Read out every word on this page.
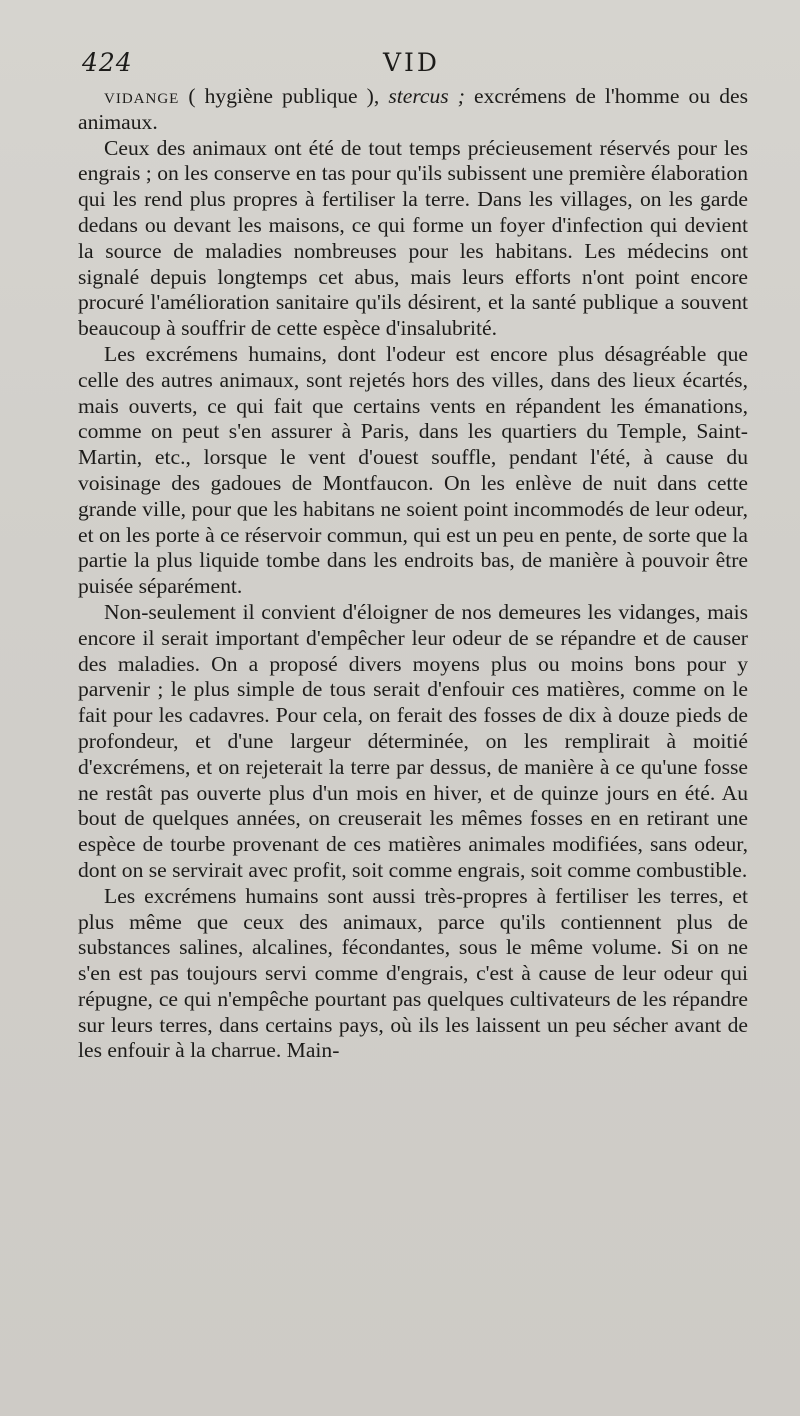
424	VID

vidange ( hygiène publique ), stercus ; excrémens de l'homme ou des animaux.

Ceux des animaux ont été de tout temps précieusement réservés pour les engrais ; on les conserve en tas pour qu'ils subissent une première élaboration qui les rend plus propres à fertiliser la terre. Dans les villages, on les garde dedans ou devant les maisons, ce qui forme un foyer d'infection qui devient la source de maladies nombreuses pour les habitans. Les médecins ont signalé depuis longtemps cet abus, mais leurs efforts n'ont point encore procuré l'amélioration sanitaire qu'ils désirent, et la santé publique a souvent beaucoup à souffrir de cette espèce d'insalubrité.

Les excrémens humains, dont l'odeur est encore plus désagréable que celle des autres animaux, sont rejetés hors des villes, dans des lieux écartés, mais ouverts, ce qui fait que certains vents en répandent les émanations, comme on peut s'en assurer à Paris, dans les quartiers du Temple, Saint-Martin, etc., lorsque le vent d'ouest souffle, pendant l'été, à cause du voisinage des gadoues de Montfaucon. On les enlève de nuit dans cette grande ville, pour que les habitans ne soient point incommodés de leur odeur, et on les porte à ce réservoir commun, qui est un peu en pente, de sorte que la partie la plus liquide tombe dans les endroits bas, de manière à pouvoir être puisée séparément.

Non-seulement il convient d'éloigner de nos demeures les vidanges, mais encore il serait important d'empêcher leur odeur de se répandre et de causer des maladies. On a proposé divers moyens plus ou moins bons pour y parvenir ; le plus simple de tous serait d'enfouir ces matières, comme on le fait pour les cadavres. Pour cela, on ferait des fosses de dix à douze pieds de profondeur, et d'une largeur déterminée, on les remplirait à moitié d'excrémens, et on rejeterait la terre par dessus, de manière à ce qu'une fosse ne restât pas ouverte plus d'un mois en hiver, et de quinze jours en été. Au bout de quelques années, on creuserait les mêmes fosses en en retirant une espèce de tourbe provenant de ces matières animales modifiées, sans odeur, dont on se servirait avec profit, soit comme engrais, soit comme combustible.

Les excrémens humains sont aussi très-propres à fertiliser les terres, et plus même que ceux des animaux, parce qu'ils contiennent plus de substances salines, alcalines, fécondantes, sous le même volume. Si on ne s'en est pas toujours servi comme d'engrais, c'est à cause de leur odeur qui répugne, ce qui n'empêche pourtant pas quelques cultivateurs de les répandre sur leurs terres, dans certains pays, où ils les laissent un peu sécher avant de les enfouir à la charrue. Main-
